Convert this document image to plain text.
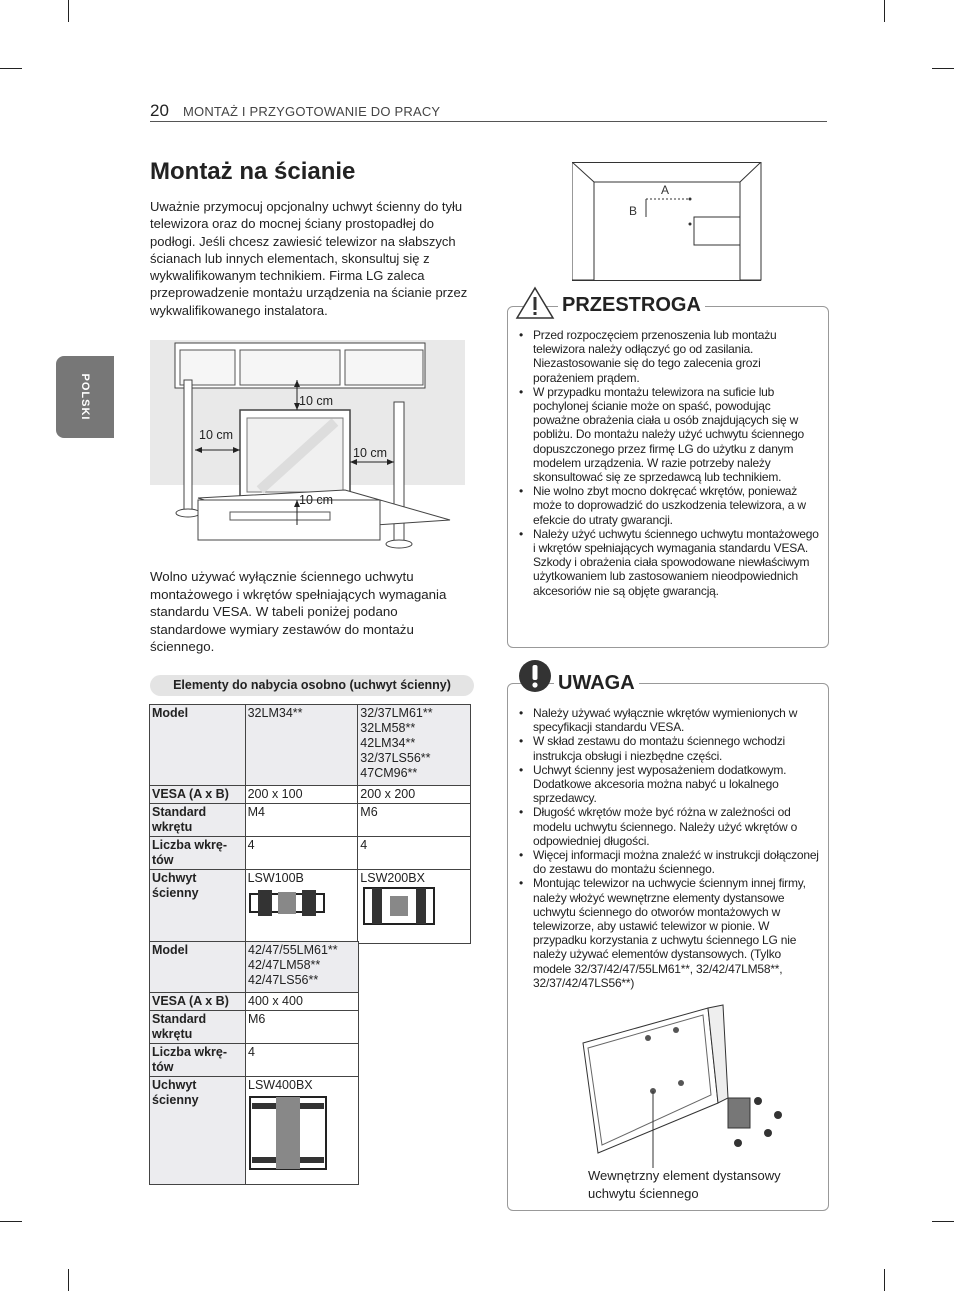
20 MONTAŻ I PRZYGOTOWANIE DO PRACY
POLSKI
Montaż na ścianie
Uważnie przymocuj opcjonalny uchwyt ścienny do tyłu telewizora oraz do mocnej ściany prostopadłej do podłogi. Jeśli chcesz zawiesić telewizor na słabszych ścianach lub innych elementach, skonsultuj się z wykwalifikowanym technikiem. Firma LG zaleca przeprowadzenie montażu urządzenia na ścianie przez wykwalifikowanego instalatora.
10 cm
10 cm
10 cm
10 cm
Wolno używać wyłącznie ściennego uchwytu montażowego i wkrętów spełniających wymagania standardu VESA. W tabeli poniżej podano standardowe wymiary zestawów do montażu ściennego.
Elementy do nabycia osobno (uchwyt ścienny)
Model	32LM34**	32/37LM61** 32LM58** 42LM34** 32/37LS56** 47CM96**
VESA (A x B)	200 x 100	200 x 200
Standard wkrętu	M4	M6
Liczba wkrę-tów	4	4
Uchwyt ścienny	LSW100B	LSW200BX
Model	42/47/55LM61** 42/47LM58** 42/47LS56**
VESA (A x B)	400 x 400
Standard wkrętu	M6
Liczba wkrę-tów	4
Uchwyt ścienny	LSW400BX
A
B
PRZESTROGA
• Przed rozpoczęciem przenoszenia lub montażu telewizora należy odłączyć go od zasilania. Niezastosowanie się do tego zalecenia grozi porażeniem prądem.
• W przypadku montażu telewizora na suficie lub pochylonej ścianie może on spaść, powodując poważne obrażenia ciała u osób znajdujących się w pobliżu. Do montażu należy użyć uchwytu ściennego dopuszczonego przez firmę LG do użytku z danym modelem urządzenia. W razie potrzeby należy skonsultować się ze sprzedawcą lub technikiem.
• Nie wolno zbyt mocno dokręcać wkrętów, ponieważ może to doprowadzić do uszkodzenia telewizora, a w efekcie do utraty gwarancji.
• Należy użyć uchwytu ściennego uchwytu montażowego i wkrętów spełniających wymagania standardu VESA. Szkody i obrażenia ciała spowodowane niewłaściwym użytkowaniem lub zastosowaniem nieodpowiednich akcesoriów nie są objęte gwarancją.
UWAGA
• Należy używać wyłącznie wkrętów wymienionych w specyfikacji standardu VESA.
• W skład zestawu do montażu ściennego wchodzi instrukcja obsługi i niezbędne części.
• Uchwyt ścienny jest wyposażeniem dodatkowym. Dodatkowe akcesoria można nabyć u lokalnego sprzedawcy.
• Długość wkrętów może być różna w zależności od modelu uchwytu ściennego. Należy użyć wkrętów o odpowiedniej długości.
• Więcej informacji można znaleźć w instrukcji dołączonej do zestawu do montażu ściennego.
• Montując telewizor na uchwycie ściennym innej firmy, należy włożyć wewnętrzne elementy dystansowe uchwytu ściennego do otworów montażowych w telewizorze, aby ustawić telewizor w pionie. W przypadku korzystania z uchwytu ściennego LG nie należy używać elementów dystansowych. (Tylko modele 32/37/42/47/55LM61**, 32/42/47LM58**, 32/37/42/47LS56**)
Wewnętrzny element dystansowy uchwytu ściennego
